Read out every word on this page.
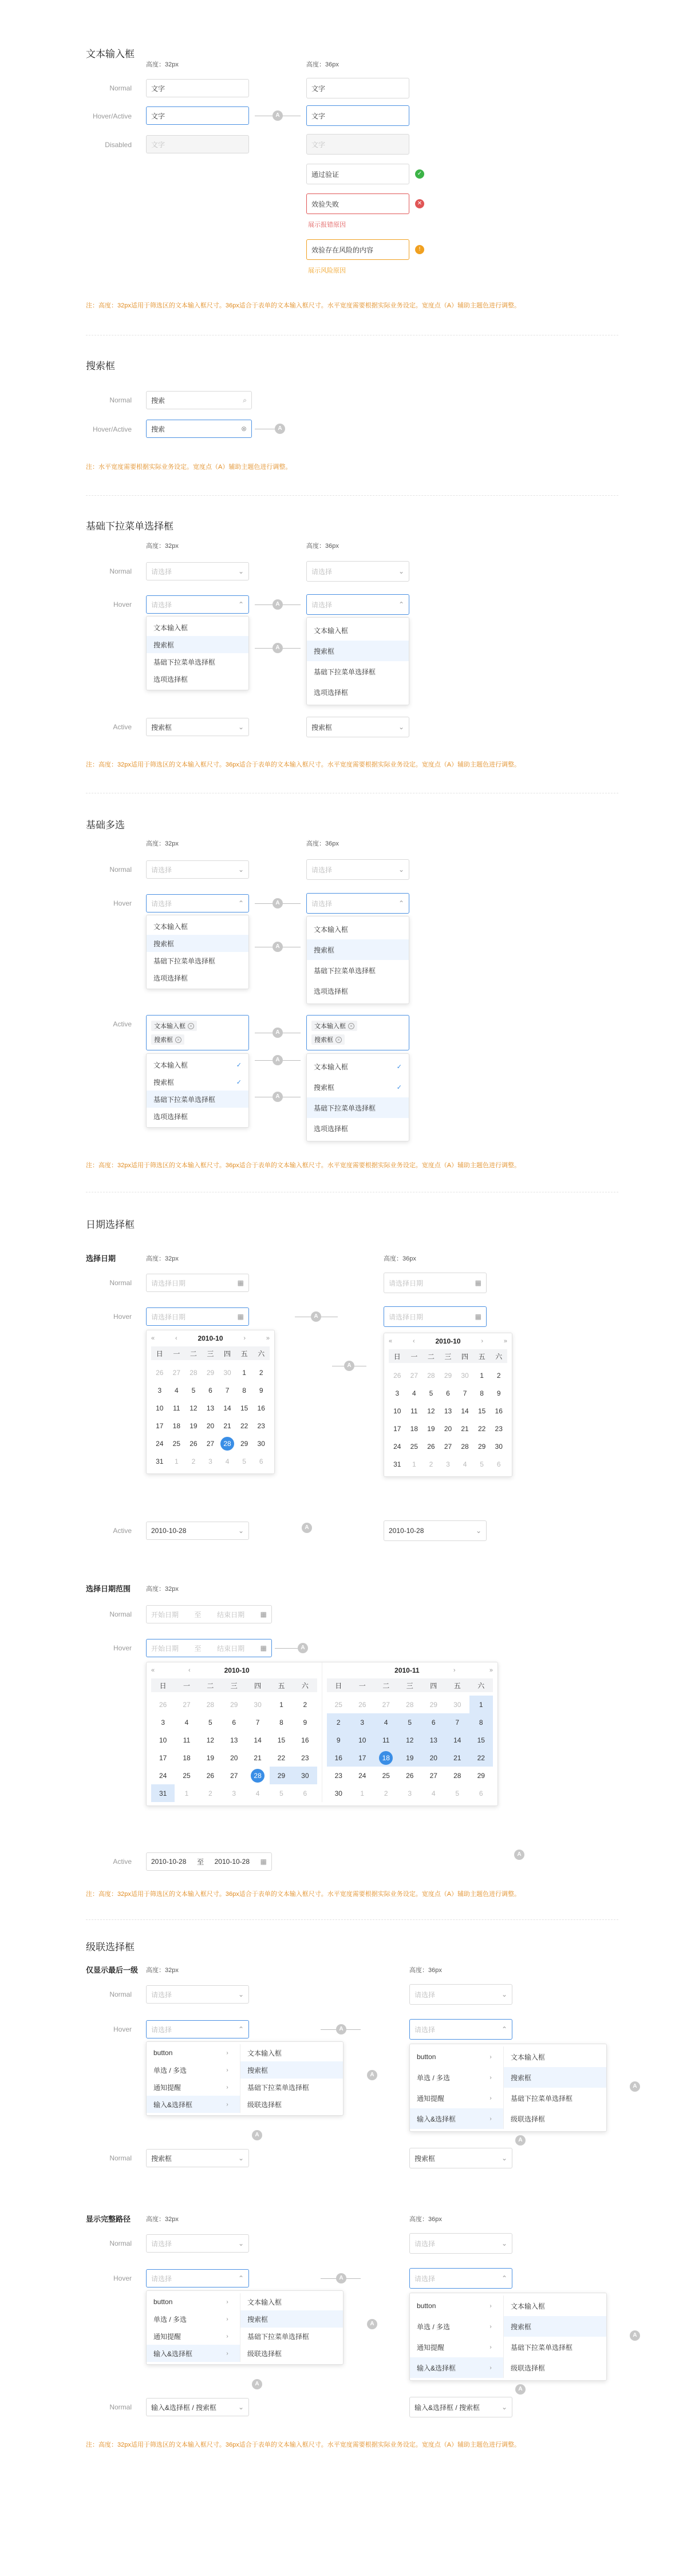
文本输入框
高度：32px	高度：36px
Normal	文字	文字
Hover/Active	文字	A	文字
Disabled	文字	文字
通过验证	✓
效验失败	✕
展示报错原因
效验存在风险的内容	!
展示风险原因
注：高度：32px适用于筛选区的文本输入框尺寸。36px适合于表单的文本输入框尺寸。水平宽度需要根据实际业务设定。宽度点（A）辅助主题色进行调整。
搜索框
Normal	搜索	⌕
Hover/Active	搜索	⊗	A
注：水平宽度需要根据实际业务设定。宽度点（A）辅助主题色进行调整。
基础下拉菜单选择框
高度：32px	高度：36px
Normal	请选择	⌄	请选择	⌄
Hover	请选择	⌃
文本输入框
搜索框
基础下拉菜单选择框
选项选择框
A
A
请选择	⌃
文本输入框
搜索框
基础下拉菜单选择框
选项选择框
Active	搜索框	⌄	搜索框	⌄
注：高度：32px适用于筛选区的文本输入框尺寸。36px适合于表单的文本输入框尺寸。水平宽度需要根据实际业务设定。宽度点（A）辅助主题色进行调整。
基础多选
高度：32px	高度：36px
Normal	请选择	⌄	请选择	⌄
Hover	请选择	⌃
文本输入框
搜索框
基础下拉菜单选择框
选项选择框
A
A
请选择	⌃
文本输入框
搜索框
基础下拉菜单选择框
选项选择框
Active	文本输入框 ×
搜索框 ×
文本输入框	✓
搜索框	✓
基础下拉菜单选择框
选项选择框
A
A
A
文本输入框 ×
搜索框 ×
文本输入框	✓
搜索框	✓
基础下拉菜单选择框
选项选择框
注：高度：32px适用于筛选区的文本输入框尺寸。36px适合于表单的文本输入框尺寸。水平宽度需要根据实际业务设定。宽度点（A）辅助主题色进行调整。
日期选择框
选择日期	高度：32px	高度：36px
Normal	请选择日期	▦	请选择日期	▦
Hover	请选择日期	▦	A	请选择日期	▦
«	‹	2010-10	›	»
日	一	二	三	四	五	六
26	27	28	29	30	1	2
3	4	5	6	7	8	9
10	11	12	13	14	15	16
17	18	19	20	21	22	23
24	25	26	27	28	29	30
31	1	2	3	4	5	6
A
«	‹	2010-10	›	»
日	一	二	三	四	五	六
26	27	28	29	30	1	2
3	4	5	6	7	8	9
10	11	12	13	14	15	16
17	18	19	20	21	22	23
24	25	26	27	28	29	30
31	1	2	3	4	5	6
A
Active	2010-10-28	⌄	2010-10-28	⌄
选择日期范围 高度：32px
Normal	开始日期 至 结束日期 ▦
Hover	开始日期 至 结束日期 ▦	A
«	‹	2010-10
日	一	二	三	四	五	六
26	27	28	29	30	1	2
3	4	5	6	7	8	9
10	11	12	13	14	15	16
17	18	19	20	21	22	23
24	25	26	27	28	29	30
31	1	2	3	4	5	6
2010-11	›	»
日	一	二	三	四	五	六
25	26	27	28	29	30	1
2	3	4	5	6	7	8
9	10	11	12	13	14	15
16	17	18	19	20	21	22
23	24	25	26	27	28	29
30	1	2	3	4	5	6
A
Active	2010-10-28 至 2010-10-28 ▦
注：高度：32px适用于筛选区的文本输入框尺寸。36px适合于表单的文本输入框尺寸。水平宽度需要根据实际业务设定。宽度点（A）辅助主题色进行调整。
级联选择框
仅显示最后一级 高度：32px	高度：36px
Normal	请选择	⌄	请选择	⌄
Hover	请选择	⌃	A	请选择	⌃
button	›
单选 / 多选	›
通知提醒	›
输入&选择框	›
文本输入框
搜索框
基础下拉菜单选择框
级联选择框
A
A
button	›
单选 / 多选	›
通知提醒	›
输入&选择框	›
文本输入框
搜索框
基础下拉菜单选择框
级联选择框
A
A
Normal	搜索框	⌄	搜索框	⌄
显示完整路径 高度：32px	高度：36px
Normal	请选择	⌄	请选择	⌄
Hover	请选择	⌃	A	请选择	⌃
button	›
单选 / 多选	›
通知提醒	›
输入&选择框	›
文本输入框
搜索框
基础下拉菜单选择框
级联选择框
A
A
button	›
单选 / 多选	›
通知提醒	›
输入&选择框	›
文本输入框
搜索框
基础下拉菜单选择框
级联选择框
A
A
Normal	输入&选择框 / 搜索框	⌄	输入&选择框 / 搜索框	⌄
注：高度：32px适用于筛选区的文本输入框尺寸。36px适合于表单的文本输入框尺寸。水平宽度需要根据实际业务设定。宽度点（A）辅助主题色进行调整。
